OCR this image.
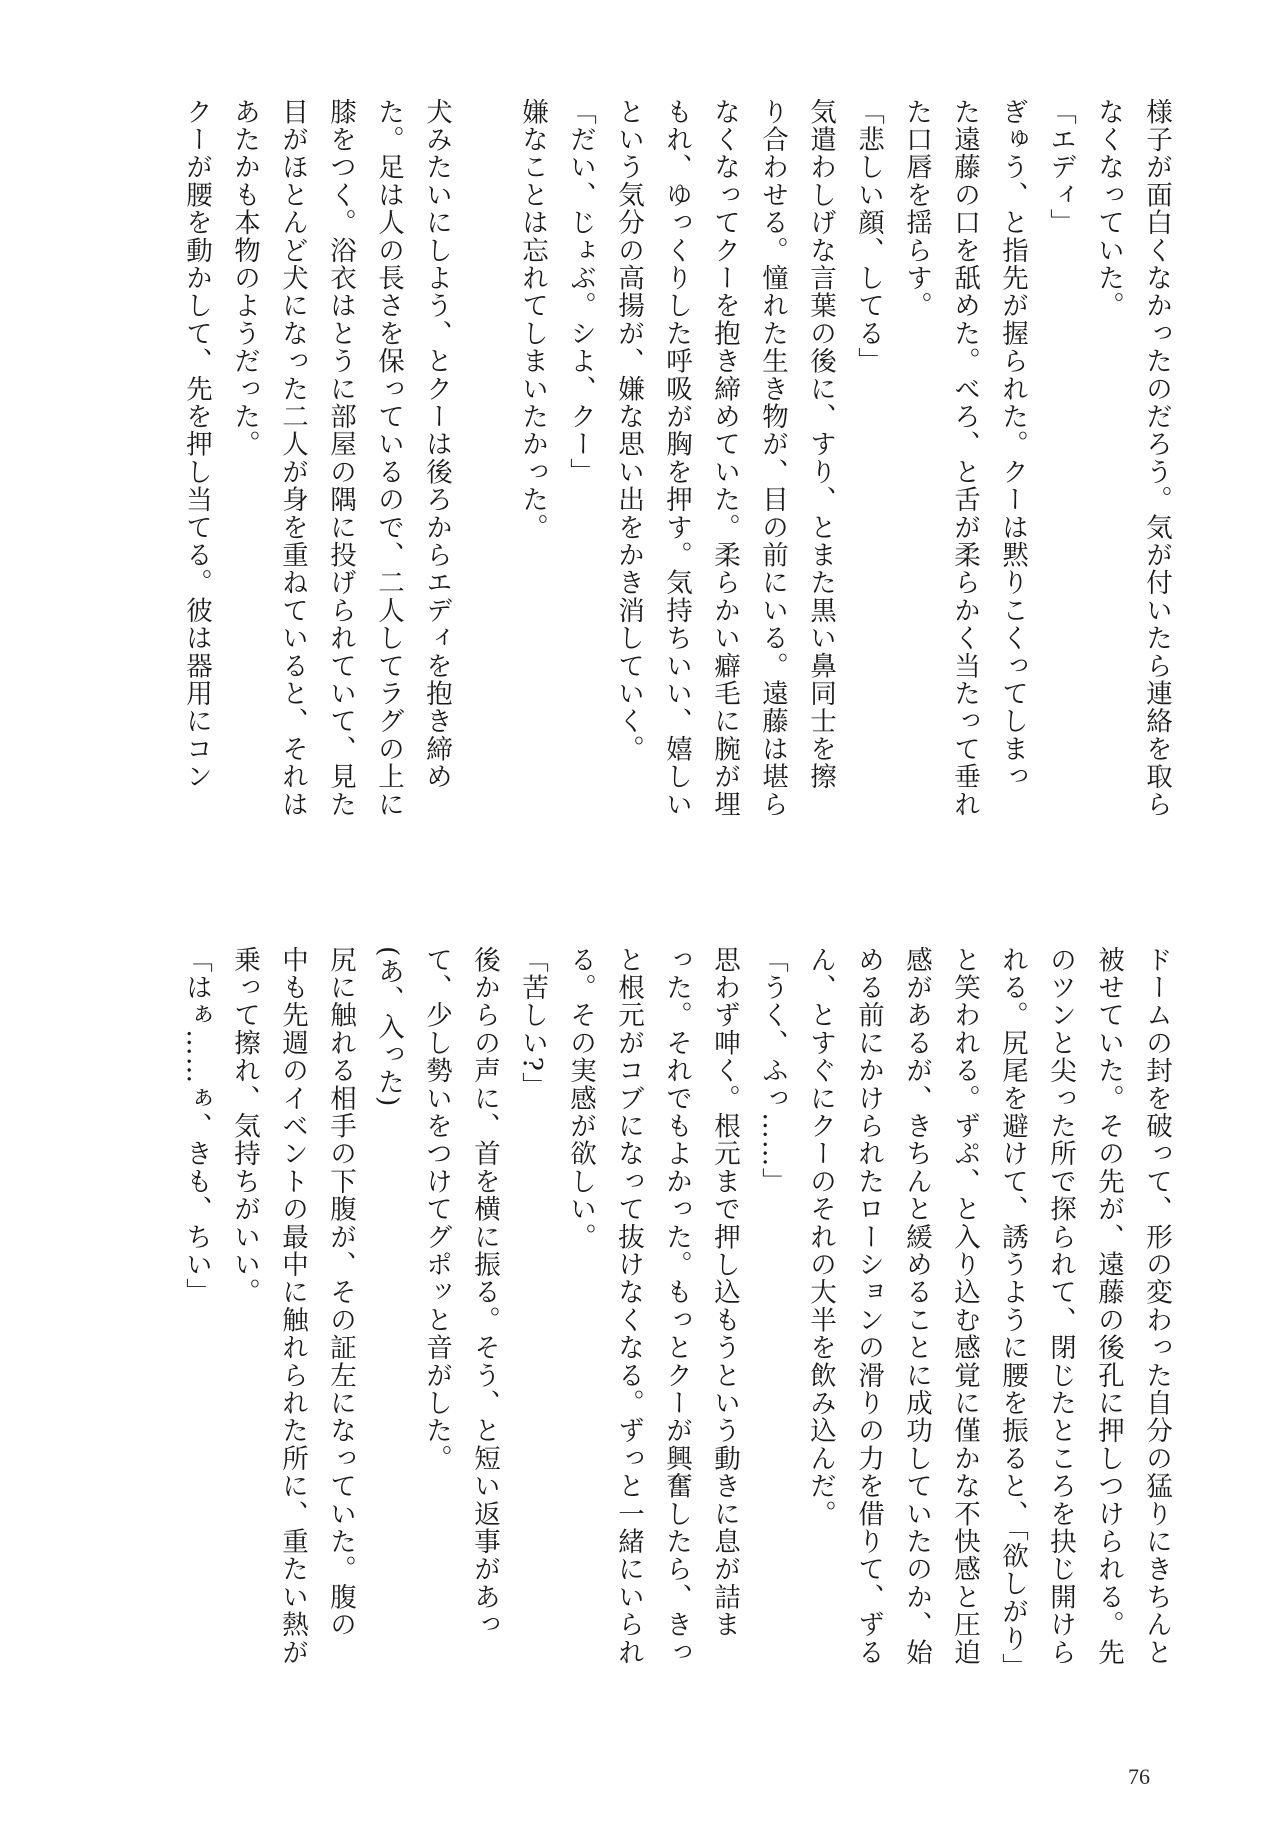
様子が面白くなかったのだろう。気が付いたら連絡を取ら
なくなっていた。
「エディ」
ぎゅう、と指先が握られた。クーは黙りこくってしまっ
た遠藤の口を舐めた。べろ、と舌が柔らかく当たって垂れ
た口唇を揺らす。
「悲しい顔、してる」
気遣わしげな言葉の後に、すり、とまた黒い鼻同士を擦
り合わせる。憧れた生き物が、目の前にいる。遠藤は堪ら
なくなってクーを抱き締めていた。柔らかい癖毛に腕が埋
もれ、ゆっくりした呼吸が胸を押す。気持ちいい、嬉しい
という気分の高揚が、嫌な思い出をかき消していく。
「だい、じょぶ。シよ、クー」
嫌なことは忘れてしまいたかった。

犬みたいにしよう、とクーは後ろからエディを抱き締め
た。足は人の長さを保っているので、二人してラグの上に
膝をつく。浴衣はとうに部屋の隅に投げられていて、見た
目がほとんど犬になった二人が身を重ねていると、それは
あたかも本物のようだった。
クーが腰を動かして、先を押し当てる。彼は器用にコン
ドームの封を破って、形の変わった自分の猛りにきちんと
被せていた。その先が、遠藤の後孔に押しつけられる。先
のツンと尖った所で探られて、閉じたところを抉じ開けら
れる。尻尾を避けて、誘うように腰を振ると、「欲しがり」
と笑われる。ずぷ、と入り込む感覚に僅かな不快感と圧迫
感があるが、きちんと緩めることに成功していたのか、始
める前にかけられたローションの滑りの力を借りて、ずる
ん、とすぐにクーのそれの大半を飲み込んだ。
「うく、ふっ……」
思わず呻く。根元まで押し込もうという動きに息が詰ま
った。それでもよかった。もっとクーが興奮したら、きっ
と根元がコブになって抜けなくなる。ずっと一緒にいられ
る。その実感が欲しい。
「苦しい?」
後からの声に、首を横に振る。そう、と短い返事があっ
て、少し勢いをつけてグポッと音がした。
(あ、入った)
尻に触れる相手の下腹が、その証左になっていた。腹の
中も先週のイベントの最中に触れられた所に、重たい熱が
乗って擦れ、気持ちがいい。
「はぁ……ぁ、きも、ちい」
76
